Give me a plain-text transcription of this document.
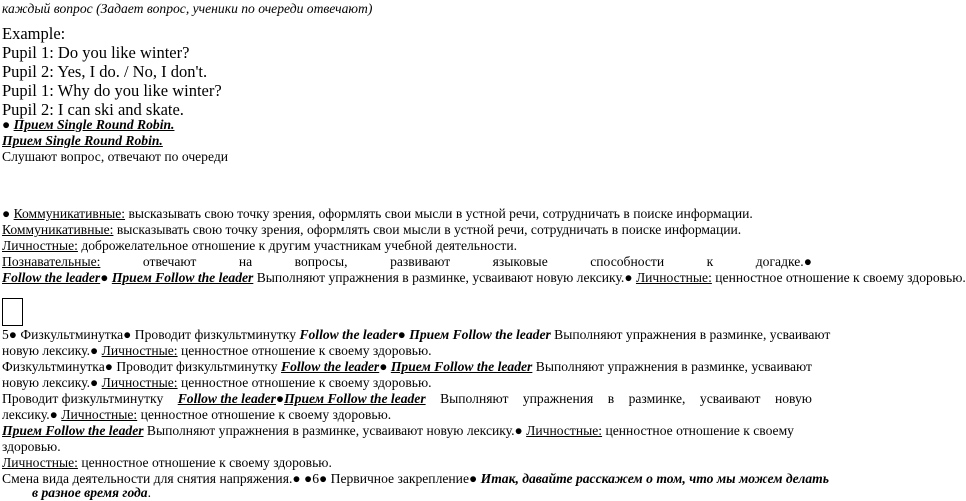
каждый вопрос (Задает вопрос, ученики по очереди отвечают)
Example:
Pupil 1: Do you like winter?
Pupil 2: Yes, I do. / No, I don't.
Pupil 1: Why do you like winter?
Pupil 2: I can ski and skate.
● Прием Single Round Robin.
Прием Single Round Robin.
Слушают вопрос, отвечают по очереди
● Коммуникативные: высказывать свою точку зрения, оформлять свои мысли в устной речи, сотрудничать в поиске информации.
Коммуникативные: высказывать свою точку зрения, оформлять свои мысли в устной речи, сотрудничать в поиске информации.
Личностные: доброжелательное отношение к другим участникам учебной деятельности.
Познавательные:	отвечают	на	вопросы,	развивают	языковые	способности	к	догадке.●
Follow the leader● Прием Follow the leader Выполняют упражнения в разминке, усваивают новую лексику.● Личностные: ценностное отношение к своему здоровью.
5● Физкультминутка● Проводит физкультминутку Follow the leader● Прием Follow the leader Выполняют упражнения в разминке, усваивают
новую лексику.● Личностные: ценностное отношение к своему здоровью.
Физкультминутка● Проводит физкультминутку Follow the leader● Прием Follow the leader Выполняют упражнения в разминке, усваивают
новую лексику.● Личностные: ценностное отношение к своему здоровью.
Проводит физкультминутку Follow the leader●Прием Follow the leader Выполняют упражнения в разминке, усваивают новую
лексику.● Личностные: ценностное отношение к своему здоровью.
Прием Follow the leader Выполняют упражнения в разминке, усваивают новую лексику.● Личностные: ценностное отношение к своему
здоровью.
Личностные: ценностное отношение к своему здоровью.
Смена вида деятельности для снятия напряжения.● ●6● Первичное закрепление● Итак, давайте расскажем о том, что мы можем делать
в разное время года.
